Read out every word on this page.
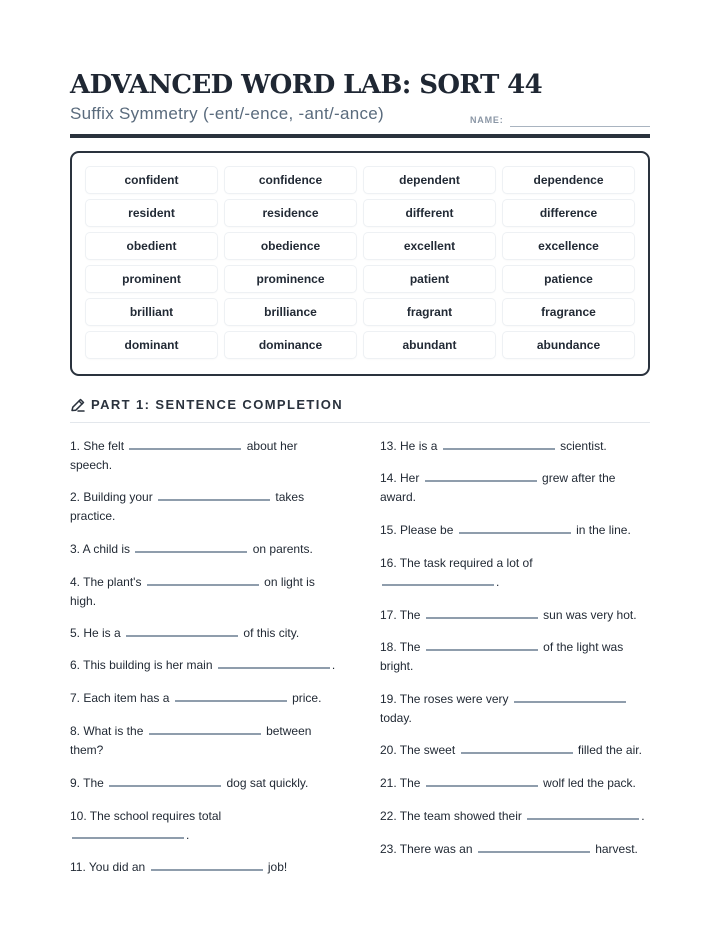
ADVANCED WORD LAB: SORT 44
Suffix Symmetry (-ent/-ence, -ant/-ance)	NAME:
confident	confidence	dependent	dependence
resident	residence	different	difference
obedient	obedience	excellent	excellence
prominent	prominence	patient	patience
brilliant	brilliance	fragrant	fragrance
dominant	dominance	abundant	abundance
PART 1: SENTENCE COMPLETION
1. She felt	about her speech.
2. Building your	takes practice.
3. A child is	on parents.
4. The plant's	on light is high.
5. He is a	of this city.
6. This building is her main	.
7. Each item has a	price.
8. What is the	between them?
9. The	dog sat quickly.
10. The school requires total .
11. You did an	job!
13. He is a	scientist.
14. Her	grew after the award.
15. Please be	in the line.
16. The task required a lot of .
17. The	sun was very hot.
18. The	of the light was bright.
19. The roses were very  today.
20. The sweet	filled the air.
21. The	wolf led the pack.
22. The team showed their	.
23. There was an	harvest.
